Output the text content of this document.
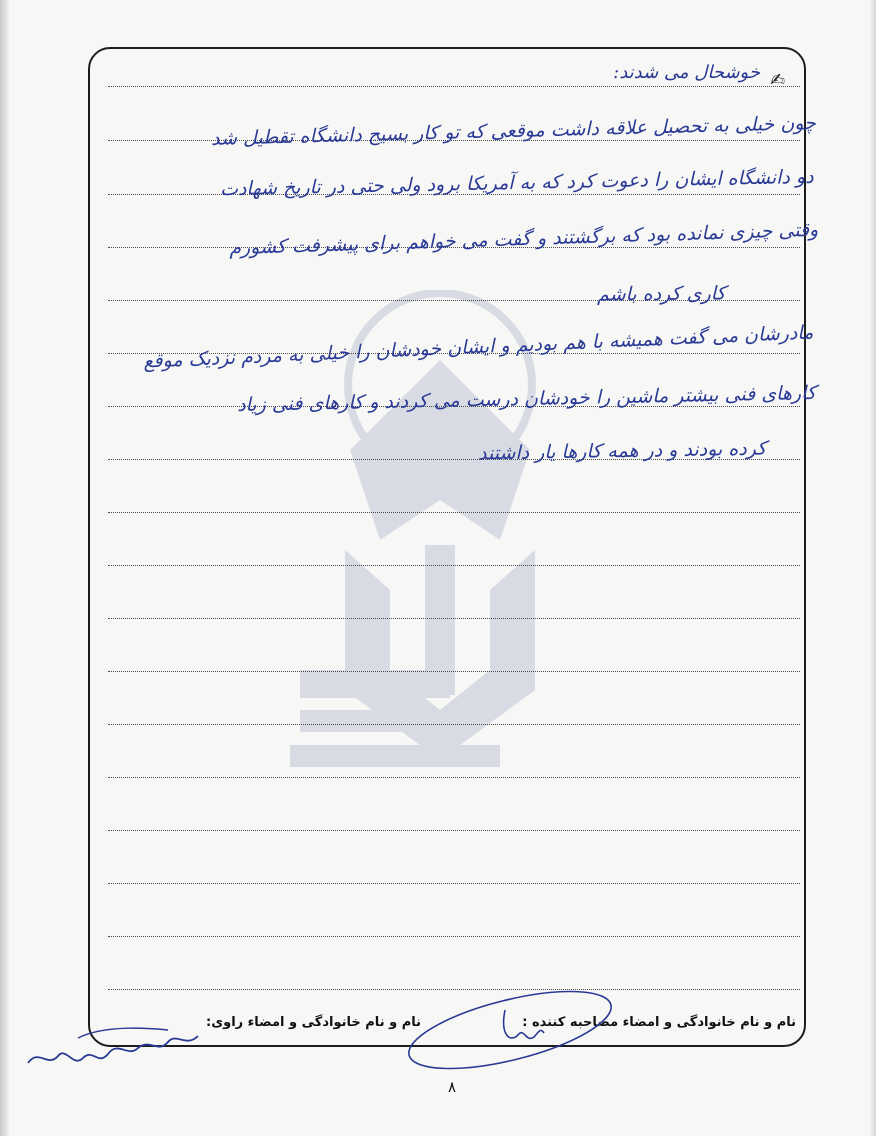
✍
خوشحال می شدند:
چون خیلی به تحصیل علاقه داشت موقعی که تو کار بسیج دانشگاه تقطیل شد
دو دانشگاه ایشان را دعوت کرد که به آمریکا برود ولی حتی در تاریخ شهادت
وقتی چیزی نمانده بود که برگشتند و گفت می خواهم برای پیشرفت کشورم
کاری کرده باشم
مادرشان می گفت همیشه با هم بودیم و ایشان خودشان را خیلی به مردم نزدیک موقع
کارهای فنی بیشتر ماشین را خودشان درست می کردند و کارهای فنی زیاد
کرده بودند و در همه کارها یار داشتند
نام و نام خانوادگی و امضاء مصاحبه کننده :
نام و نام خانوادگی و امضاء راوی:
۸
